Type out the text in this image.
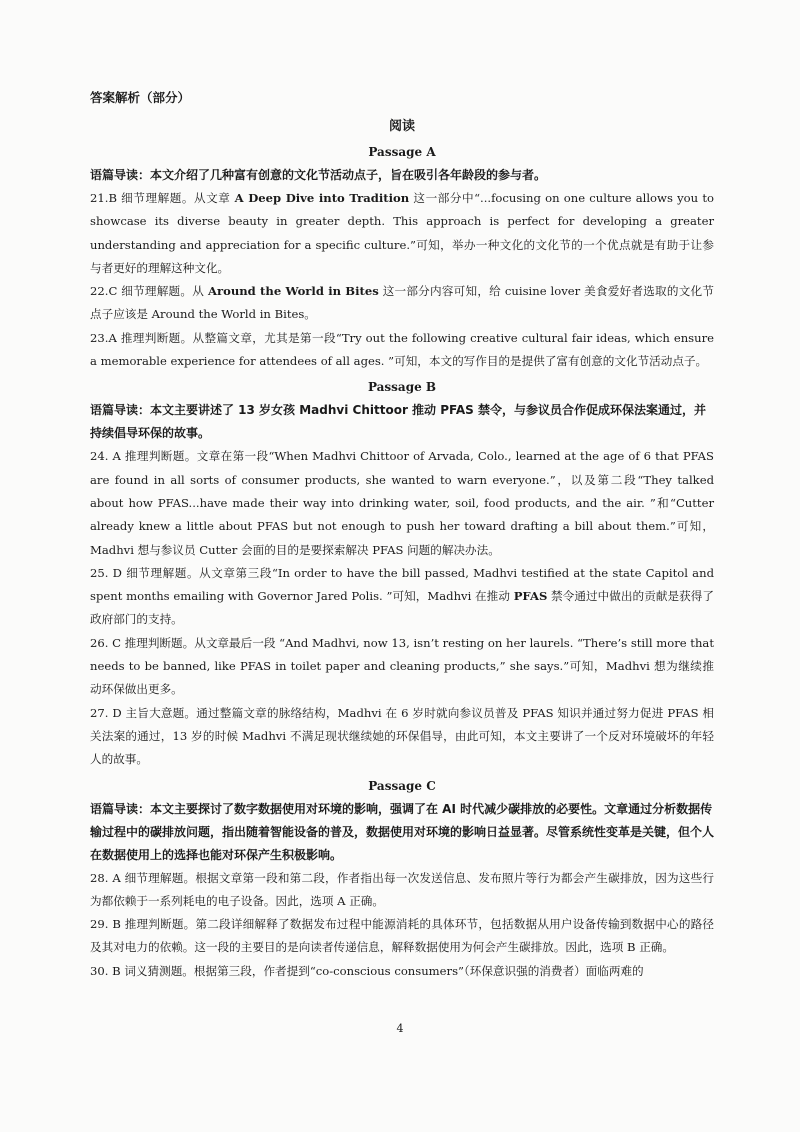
答案解析（部分）

阅读

Passage A

语篇导读：本文介绍了几种富有创意的文化节活动点子，旨在吸引各年龄段的参与者。

21.B 细节理解题。从文章 A Deep Dive into Tradition 这一部分中“...focusing on one culture allows you to showcase its diverse beauty in greater depth. This approach is perfect for developing a greater understanding and appreciation for a specific culture.”可知，举办一种文化的文化节的一个优点就是有助于让参与者更好的理解这种文化。

22.C 细节理解题。从 Around the World in Bites 这一部分内容可知，给 cuisine lover 美食爱好者选取的文化节点子应该是 Around the World in Bites。

23.A 推理判断题。从整篇文章，尤其是第一段“Try out the following creative cultural fair ideas, which ensure a memorable experience for attendees of all ages. ”可知，本文的写作目的是提供了富有创意的文化节活动点子。

Passage B

语篇导读：本文主要讲述了 13 岁女孩 Madhvi Chittoor 推动 PFAS 禁令，与参议员合作促成环保法案通过，并持续倡导环保的故事。

24. A 推理判断题。文章在第一段“When Madhvi Chittoor of Arvada, Colo., learned at the age of 6 that PFAS are found in all sorts of consumer products, she wanted to warn everyone.”，以及第二段“They talked about how PFAS...have made their way into drinking water, soil, food products, and the air. ”和“Cutter already knew a little about PFAS but not enough to push her toward drafting a bill about them.”可知，Madhvi 想与参议员 Cutter 会面的目的是要探索解决 PFAS 问题的解决办法。

25. D 细节理解题。从文章第三段“In order to have the bill passed, Madhvi testified at the state Capitol and spent months emailing with Governor Jared Polis. ”可知，Madhvi 在推动 PFAS 禁令通过中做出的贡献是获得了政府部门的支持。

26. C 推理判断题。从文章最后一段 “And Madhvi, now 13, isn’t resting on her laurels. “There’s still more that needs to be banned, like PFAS in toilet paper and cleaning products,” she says.”可知，Madhvi 想为继续推动环保做出更多。

27. D 主旨大意题。通过整篇文章的脉络结构，Madhvi 在 6 岁时就向参议员普及 PFAS 知识并通过努力促进 PFAS 相关法案的通过，13 岁的时候 Madhvi 不满足现状继续她的环保倡导，由此可知，本文主要讲了一个反对环境破坏的年轻人的故事。

Passage C

语篇导读：本文主要探讨了数字数据使用对环境的影响，强调了在 AI 时代减少碳排放的必要性。文章通过分析数据传输过程中的碳排放问题，指出随着智能设备的普及，数据使用对环境的影响日益显著。尽管系统性变革是关键，但个人在数据使用上的选择也能对环保产生积极影响。

28. A 细节理解题。根据文章第一段和第二段，作者指出每一次发送信息、发布照片等行为都会产生碳排放，因为这些行为都依赖于一系列耗电的电子设备。因此，选项 A 正确。

29. B 推理判断题。第二段详细解释了数据发布过程中能源消耗的具体环节，包括数据从用户设备传输到数据中心的路径及其对电力的依赖。这一段的主要目的是向读者传递信息，解释数据使用为何会产生碳排放。因此，选项 B 正确。

30. B 词义猜测题。根据第三段，作者提到“co-conscious consumers”（环保意识强的消费者）面临两难的

4
